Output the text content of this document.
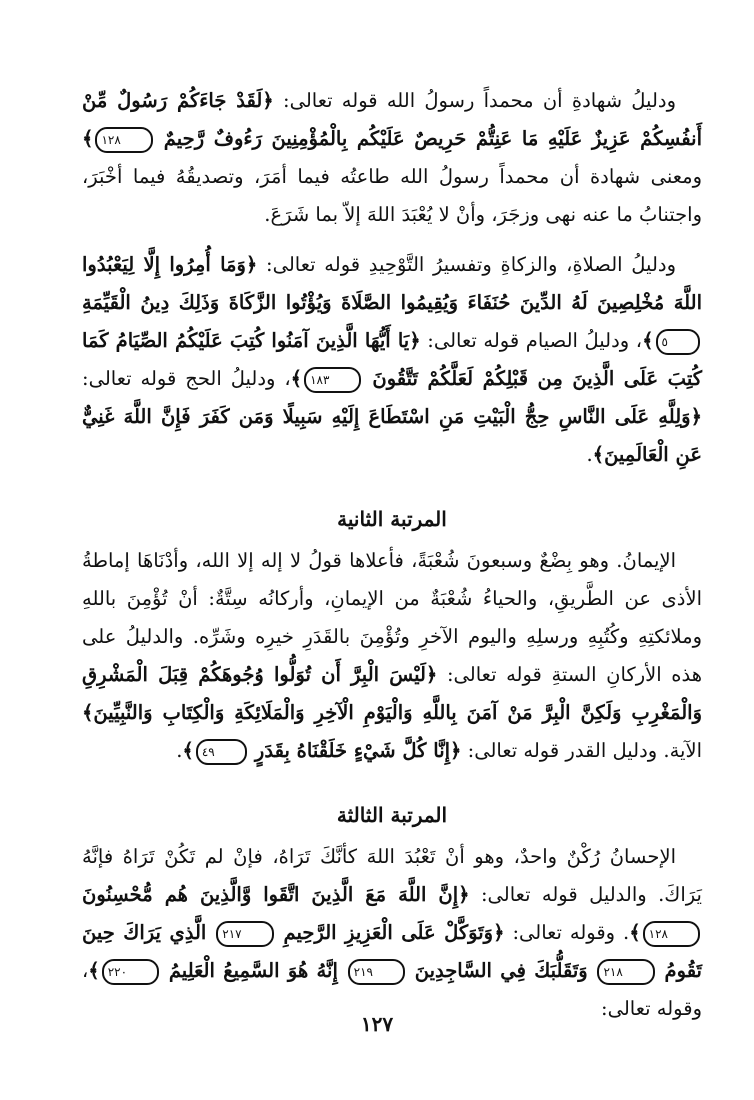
ودليلُ شهادةِ أن محمداً رسولُ الله قوله تعالى: ﴿لَقَدْ جَاءَكُمْ رَسُولٌ مِّنْ أَنفُسِكُمْ عَزِيزٌ عَلَيْهِ مَا عَنِتُّمْ حَرِيصٌ عَلَيْكُم بِالْمُؤْمِنِينَ رَءُوفٌ رَّحِيمٌ ١٢٨﴾ ومعنى شهادة أن محمداً رسولُ الله طاعتُه فيما أمَرَ، وتصديقُهُ فيما أخْبَرَ، واجتنابُ ما عنه نهى وزجَرَ، وأنْ لا يُعْبَدَ اللهَ إلاّ بما شَرَعَ.

ودليلُ الصلاةِ، والزكاةِ وتفسيرُ التَّوْحِيدِ قوله تعالى: ﴿وَمَا أُمِرُوا إِلَّا لِيَعْبُدُوا اللَّهَ مُخْلِصِينَ لَهُ الدِّينَ حُنَفَاءَ وَيُقِيمُوا الصَّلَاةَ وَيُؤْتُوا الزَّكَاةَ وَذَلِكَ دِينُ الْقَيِّمَةِ ٥﴾، ودليلُ الصيام قوله تعالى: ﴿يَا أَيُّهَا الَّذِينَ آمَنُوا كُتِبَ عَلَيْكُمُ الصِّيَامُ كَمَا كُتِبَ عَلَى الَّذِينَ مِن قَبْلِكُمْ لَعَلَّكُمْ تَتَّقُونَ ١٨٣﴾، ودليلُ الحج قوله تعالى: ﴿وَلِلَّهِ عَلَى النَّاسِ حِجُّ الْبَيْتِ مَنِ اسْتَطَاعَ إِلَيْهِ سَبِيلًا وَمَن كَفَرَ فَإِنَّ اللَّهَ غَنِيٌّ عَنِ الْعَالَمِينَ﴾.

المرتبة الثانية

الإيمانُ. وهو بِضْعٌ وسبعونَ شُعْبَةً، فأعلاها قولُ لا إله إلا الله، وأدْنَاهَا إماطةُ الأذى عن الطَّريقِ، والحياءُ شُعْبَةٌ من الإيمانِ، وأركانُه سِتَّةٌ: أنْ تُؤْمِنَ باللهِ وملائكتِهِ وكُتُبِهِ ورسلِهِ واليوم الآخرِ وتُؤْمِنَ بالقَدَرِ خيرِه وشَرِّه. والدليلُ على هذه الأركانِ الستةِ قوله تعالى: ﴿لَيْسَ الْبِرَّ أَن تُوَلُّوا وُجُوهَكُمْ قِبَلَ الْمَشْرِقِ وَالْمَغْرِبِ وَلَكِنَّ الْبِرَّ مَنْ آمَنَ بِاللَّهِ وَالْيَوْمِ الْآخِرِ وَالْمَلَائِكَةِ وَالْكِتَابِ وَالنَّبِيِّينَ﴾ الآية. ودليل القدر قوله تعالى: ﴿إِنَّا كُلَّ شَيْءٍ خَلَقْنَاهُ بِقَدَرٍ ٤٩﴾.

المرتبة الثالثة

الإحسانُ رُكْنٌ واحدٌ، وهو أنْ تَعْبُدَ اللهَ كأنَّكَ تَرَاهُ، فإنْ لم تَكُنْ تَرَاهُ فإنَّهُ يَرَاكَ. والدليل قوله تعالى: ﴿إِنَّ اللَّهَ مَعَ الَّذِينَ اتَّقَوا وَّالَّذِينَ هُم مُّحْسِنُونَ ١٢٨﴾. وقوله تعالى: ﴿وَتَوَكَّلْ عَلَى الْعَزِيزِ الرَّحِيمِ ٢١٧ الَّذِي يَرَاكَ حِينَ تَقُومُ ٢١٨ وَتَقَلُّبَكَ فِي السَّاجِدِينَ ٢١٩ إِنَّهُ هُوَ السَّمِيعُ الْعَلِيمُ ٢٢٠﴾، وقوله تعالى:

١٢٧
